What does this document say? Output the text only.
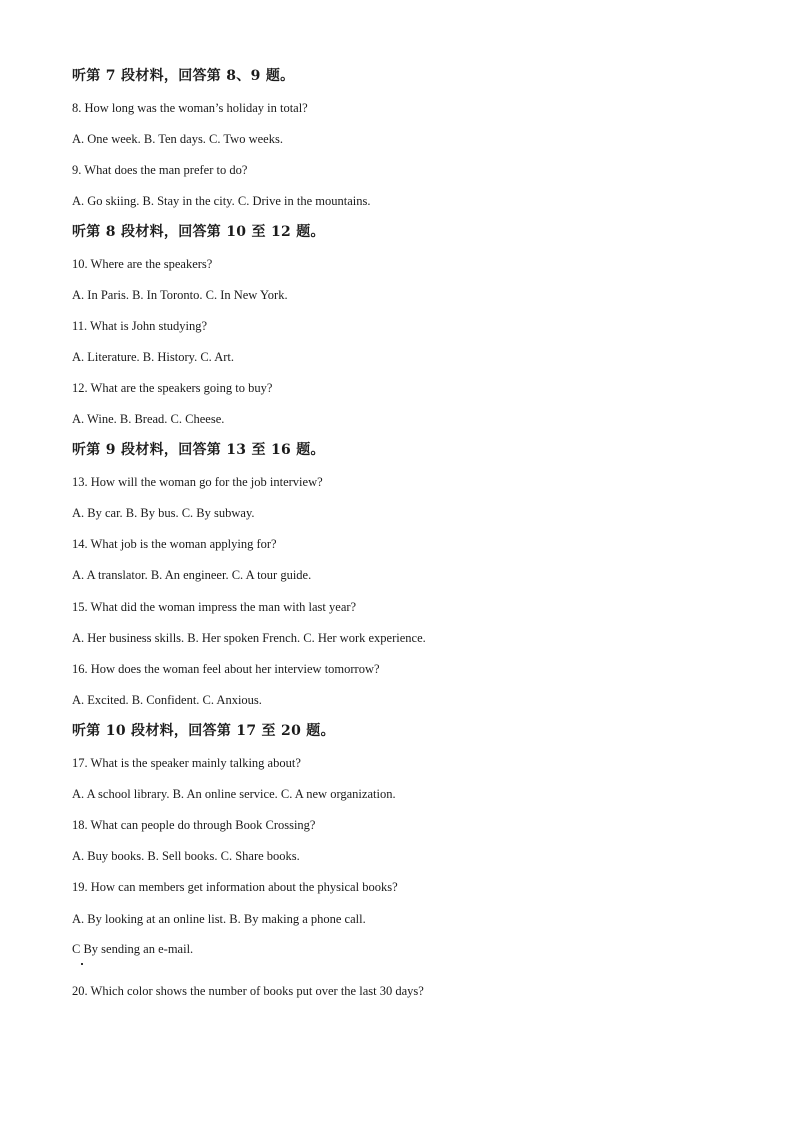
听第 7 段材料，回答第 8、9 题。
8. How long was the woman’s holiday in total?
A. One week. B. Ten days. C. Two weeks.
9. What does the man prefer to do?
A. Go skiing. B. Stay in the city. C. Drive in the mountains.
听第 8 段材料，回答第 10 至 12 题。
10. Where are the speakers?
A. In Paris. B. In Toronto. C. In New York.
11. What is John studying?
A. Literature. B. History. C. Art.
12. What are the speakers going to buy?
A. Wine. B. Bread. C. Cheese.
听第 9 段材料，回答第 13 至 16 题。
13. How will the woman go for the job interview?
A. By car. B. By bus. C. By subway.
14. What job is the woman applying for?
A. A translator. B. An engineer. C. A tour guide.
15. What did the woman impress the man with last year?
A. Her business skills. B. Her spoken French. C. Her work experience.
16. How does the woman feel about her interview tomorrow?
A. Excited. B. Confident. C. Anxious.
听第 10 段材料，回答第 17 至 20 题。
17. What is the speaker mainly talking about?
A. A school library. B. An online service. C. A new organization.
18. What can people do through Book Crossing?
A. Buy books. B. Sell books. C. Share books.
19. How can members get information about the physical books?
A. By looking at an online list. B. By making a phone call.
C By sending an e-mail.
20. Which color shows the number of books put over the last 30 days?
